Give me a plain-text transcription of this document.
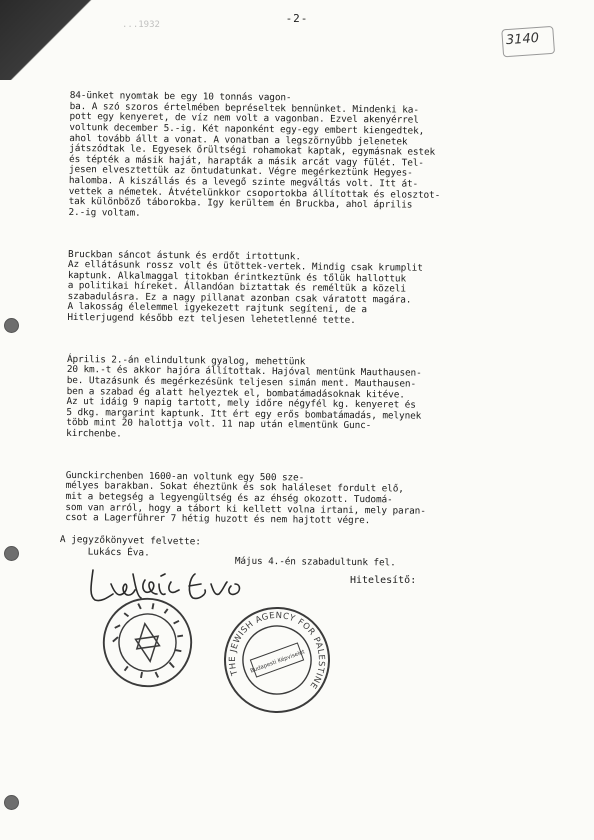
...1932	-2-
3140

84-ünket nyomtak be egy 10 tonnás vagon-
ba. A szó szoros értelmében bepréseltek bennünket. Mindenki ka-
pott egy kenyeret, de víz nem volt a vagonban. Ezvel akenyérrel
voltunk december 5.-ig. Két naponként egy-egy embert kiengedtek,
ahol tovább állt a vonat. A vonatban a legszörnyűbb jelenetek
játszódtak le. Egyesek őrültségi rohamokat kaptak, egymásnak estek
és tépték a másik haját, harapták a másik arcát vagy fülét. Tel-
jesen elvesztettük az öntudatunkat. Végre megérkeztünk Hegyes-
halomba. A kiszállás és a levegő szinte megváltás volt. Itt át-
vettek a németek. Átvételünkkor csoportokba állítottak és elosztot-
tak különböző táborokba. Igy kerültem én Bruckba, ahol április
2.-ig voltam.

Bruckban sáncot ástunk és erdőt irtottunk.
Az ellátásunk rossz volt és ütöttek-vertek. Mindig csak krumplit
kaptunk. Alkalmaggal titokban érintkeztünk és tőlük hallottuk
a politikai híreket. Állandóan biztattak és reméltük a közeli
szabadulásra. Ez a nagy pillanat azonban csak váratott magára.
A lakosság élelemmel igyekezett rajtunk segíteni, de a
Hitlerjugend később ezt teljesen lehetetlenné tette.

Április 2.-án elindultunk gyalog, mehettünk
20 km.-t és akkor hajóra állítottak. Hajóval mentünk Mauthausen-
be. Utazásunk és megérkezésünk teljesen simán ment. Mauthausen-
ben a szabad ég alatt helyeztek el, bombatámadásoknak kitéve.
Az ut idáig 9 napig tartott, mely időre négyfél kg. kenyeret és
5 dkg. margarint kaptunk. Itt ért egy erős bombatámadás, melynek
több mint 20 halottja volt. 11 nap után elmentünk Gunc-
kirchenbe.

Gunckirchenben 1600-an voltunk egy 500 sze-
mélyes barakban. Sokat éheztünk és sok haláleset fordult elő,
mit a betegség a legyengültség és az éhség okozott. Tudomá-
som van arról, hogy a tábort ki kellett volna irtani, mely paran-
csot a Lagerführer 7 hétig huzott és nem hajtott végre.

Május 4.-én szabadultunk fel.

A jegyzőkönyvet felvette:
Lukács Éva.
Hitelesítő:
THE JEWISH AGENCY FOR PALESTINE
Budapesti Képviselet
